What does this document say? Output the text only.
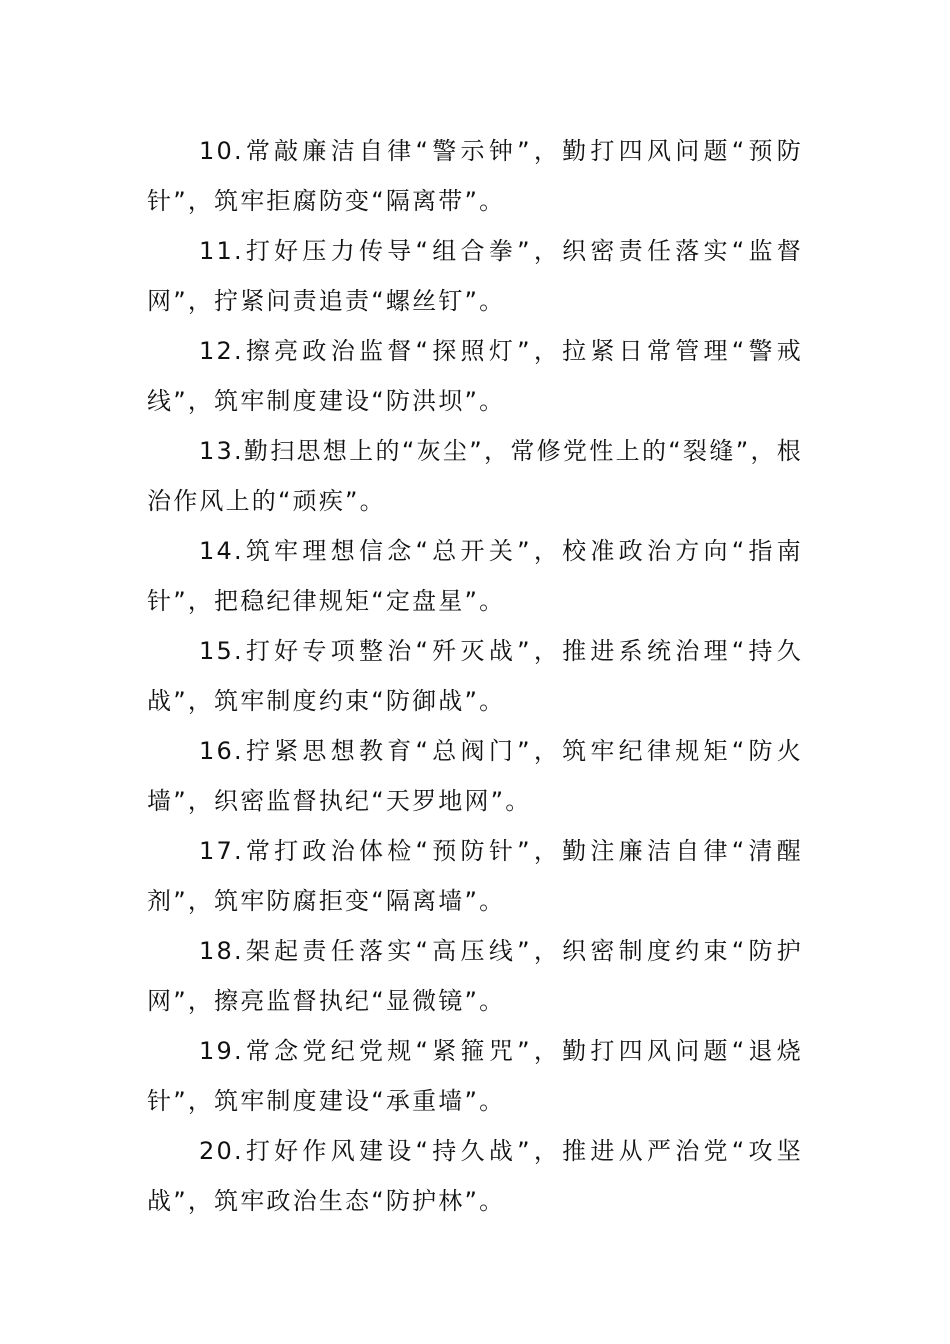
10.常敲廉洁自律“警示钟”，勤打四风问题“预防针”，筑牢拒腐防变“隔离带”。

11.打好压力传导“组合拳”，织密责任落实“监督网”，拧紧问责追责“螺丝钉”。

12.擦亮政治监督“探照灯”，拉紧日常管理“警戒线”，筑牢制度建设“防洪坝”。

13.勤扫思想上的“灰尘”，常修党性上的“裂缝”，根治作风上的“顽疾”。

14.筑牢理想信念“总开关”，校准政治方向“指南针”，把稳纪律规矩“定盘星”。

15.打好专项整治“歼灭战”，推进系统治理“持久战”，筑牢制度约束“防御战”。

16.拧紧思想教育“总阀门”，筑牢纪律规矩“防火墙”，织密监督执纪“天罗地网”。

17.常打政治体检“预防针”，勤注廉洁自律“清醒剂”，筑牢防腐拒变“隔离墙”。

18.架起责任落实“高压线”，织密制度约束“防护网”，擦亮监督执纪“显微镜”。

19.常念党纪党规“紧箍咒”，勤打四风问题“退烧针”，筑牢制度建设“承重墙”。

20.打好作风建设“持久战”，推进从严治党“攻坚战”，筑牢政治生态“防护林”。
